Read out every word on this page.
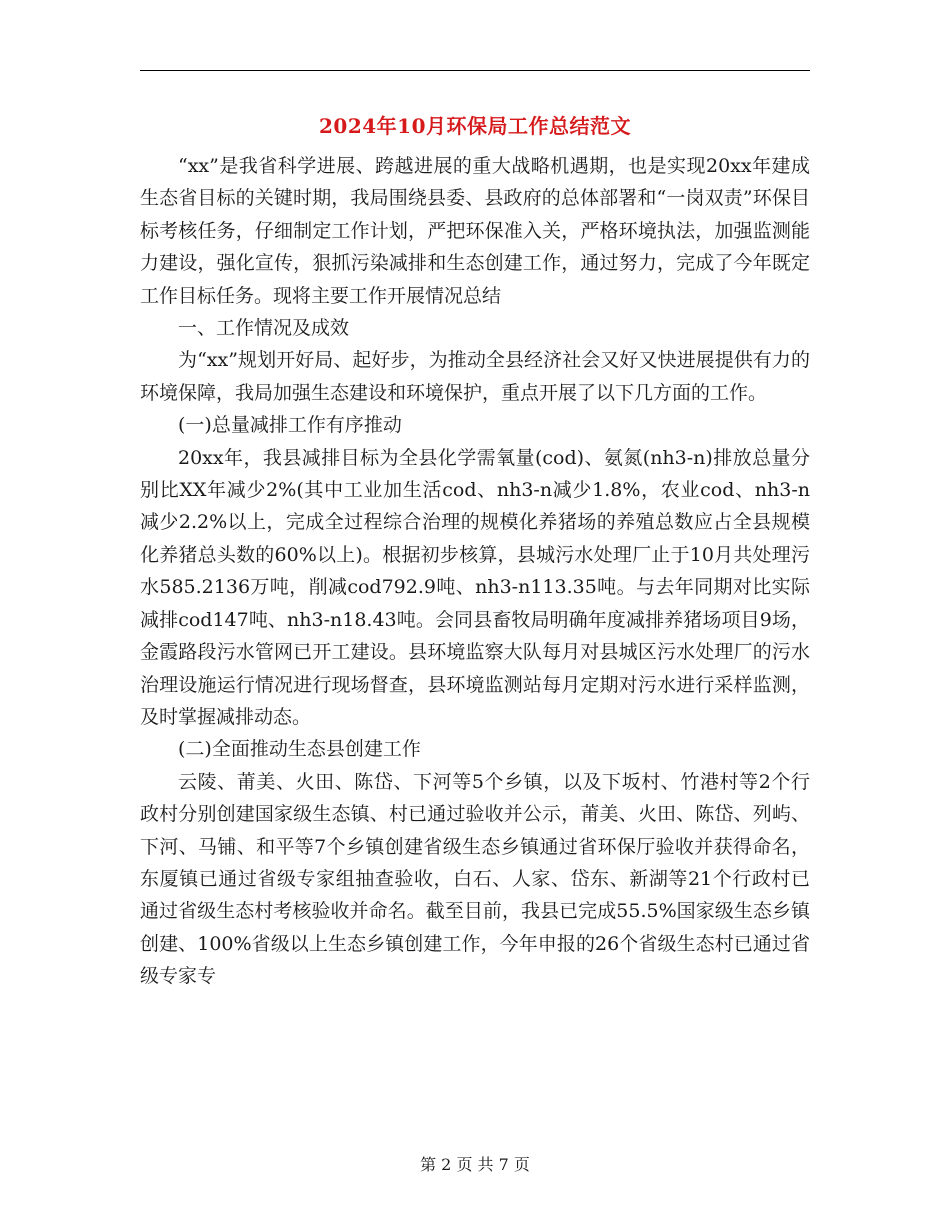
2024年10月环保局工作总结范文

“xx”是我省科学进展、跨越进展的重大战略机遇期，也是实现20xx年建成生态省目标的关键时期，我局围绕县委、县政府的总体部署和“一岗双责”环保目标考核任务，仔细制定工作计划，严把环保准入关，严格环境执法，加强监测能力建设，强化宣传，狠抓污染减排和生态创建工作，通过努力，完成了今年既定工作目标任务。现将主要工作开展情况总结

一、工作情况及成效

为“xx”规划开好局、起好步，为推动全县经济社会又好又快进展提供有力的环境保障，我局加强生态建设和环境保护，重点开展了以下几方面的工作。

(一)总量减排工作有序推动

20xx年，我县减排目标为全县化学需氧量(cod)、氨氮(nh3-n)排放总量分别比XX年减少2%(其中工业加生活cod、nh3-n减少1.8%，农业cod、nh3-n减少2.2%以上，完成全过程综合治理的规模化养猪场的养殖总数应占全县规模化养猪总头数的60%以上)。根据初步核算，县城污水处理厂止于10月共处理污水585.2136万吨，削减cod792.9吨、nh3-n113.35吨。与去年同期对比实际减排cod147吨、nh3-n18.43吨。会同县畜牧局明确年度减排养猪场项目9场，金霞路段污水管网已开工建设。县环境监察大队每月对县城区污水处理厂的污水治理设施运行情况进行现场督查，县环境监测站每月定期对污水进行采样监测，及时掌握减排动态。

(二)全面推动生态县创建工作

云陵、莆美、火田、陈岱、下河等5个乡镇，以及下坂村、竹港村等2个行政村分别创建国家级生态镇、村已通过验收并公示，莆美、火田、陈岱、列屿、下河、马铺、和平等7个乡镇创建省级生态乡镇通过省环保厅验收并获得命名，东厦镇已通过省级专家组抽查验收，白石、人家、岱东、新湖等21个行政村已通过省级生态村考核验收并命名。截至目前，我县已完成55.5%国家级生态乡镇创建、100%省级以上生态乡镇创建工作，今年申报的26个省级生态村已通过省级专家专

第 2 页 共 7 页
